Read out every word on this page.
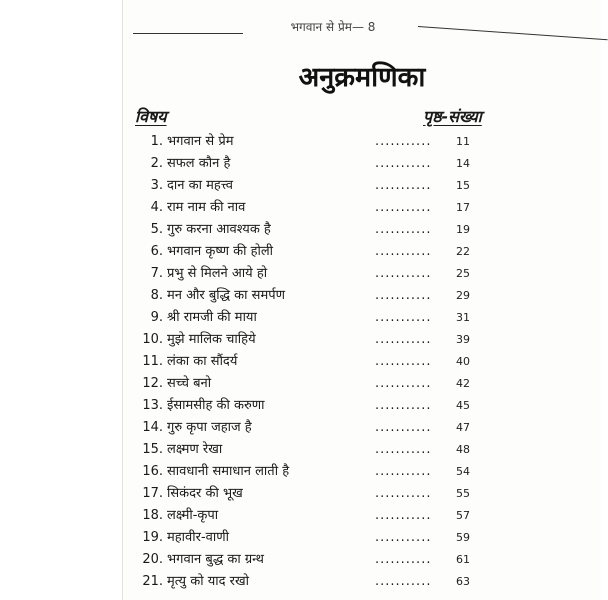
भगवान से प्रेम— 8
अनुक्रमणिका
विषय	पृष्ठ-संख्या
1. भगवान से प्रेम	........... 11
2. सफल कौन है	........... 14
3. दान का महत्त्व	........... 15
4. राम नाम की नाव	........... 17
5. गुरु करना आवश्यक है	........... 19
6. भगवान कृष्ण की होली	........... 22
7. प्रभु से मिलने आये हो	........... 25
8. मन और बुद्धि का समर्पण	........... 29
9. श्री रामजी की माया	........... 31
10. मुझे मालिक चाहिये	........... 39
11. लंका का सौंदर्य	........... 40
12. सच्चे बनो	........... 42
13. ईसामसीह की करुणा	........... 45
14. गुरु कृपा जहाज है	........... 47
15. लक्ष्मण रेखा	........... 48
16. सावधानी समाधान लाती है	........... 54
17. सिकंदर की भूख	........... 55
18. लक्ष्मी-कृपा	........... 57
19. महावीर-वाणी	........... 59
20. भगवान बुद्ध का ग्रन्थ	........... 61
21. मृत्यु को याद रखो	........... 63
